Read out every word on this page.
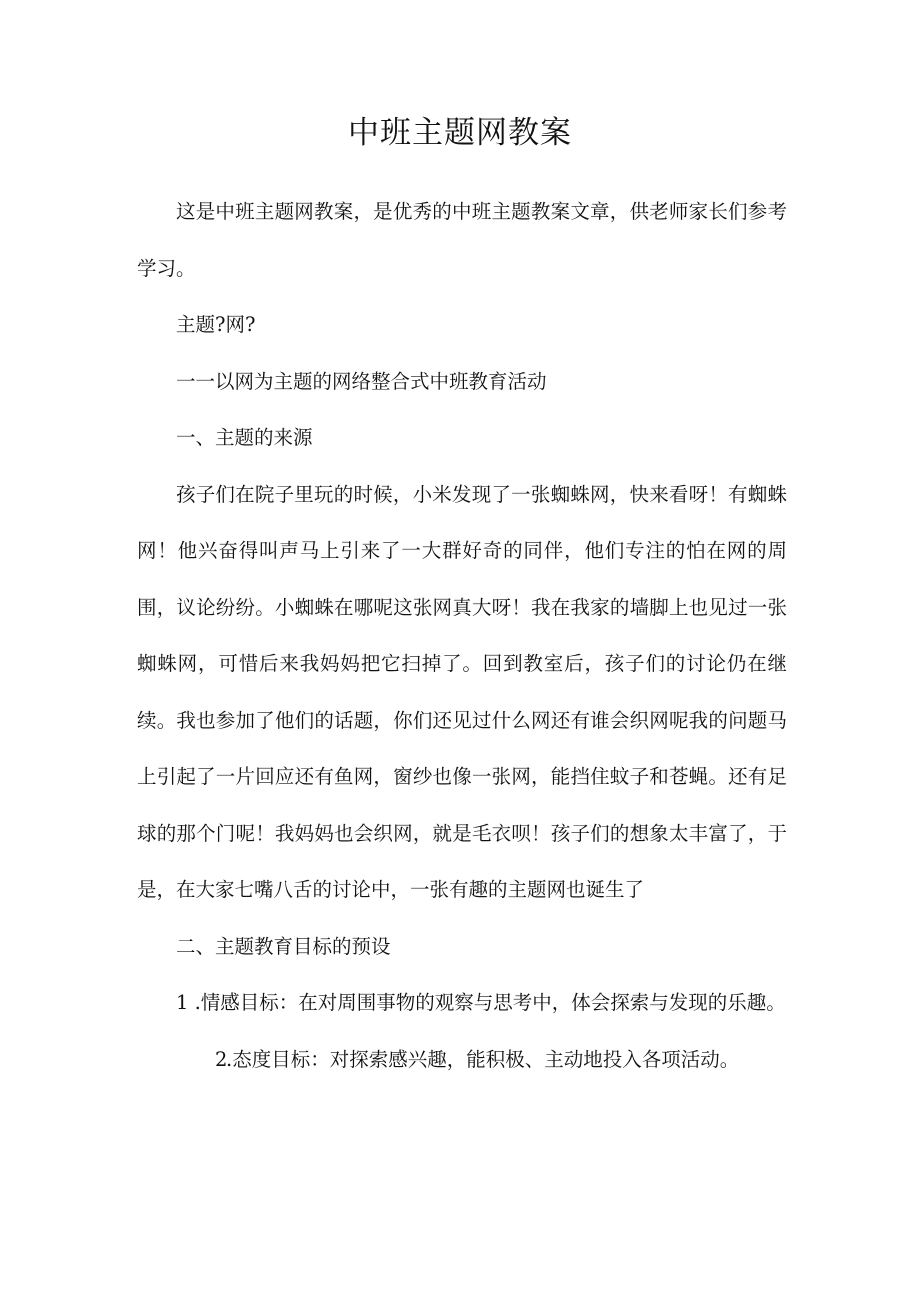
中班主题网教案

这是中班主题网教案，是优秀的中班主题教案文章，供老师家长们参考学习。

主题?网?

一一以网为主题的网络整合式中班教育活动

一、主题的来源

孩子们在院子里玩的时候，小米发现了一张蜘蛛网，快来看呀！有蜘蛛网！他兴奋得叫声马上引来了一大群好奇的同伴，他们专注的怕在网的周围，议论纷纷。小蜘蛛在哪呢这张网真大呀！我在我家的墙脚上也见过一张蜘蛛网，可惜后来我妈妈把它扫掉了。回到教室后，孩子们的讨论仍在继续。我也参加了他们的话题，你们还见过什么网还有谁会织网呢我的问题马上引起了一片回应还有鱼网，窗纱也像一张网，能挡住蚊子和苍蝇。还有足球的那个门呢！我妈妈也会织网，就是毛衣呗！孩子们的想象太丰富了，于是，在大家七嘴八舌的讨论中，一张有趣的主题网也诞生了

二、主题教育目标的预设

1 .情感目标：在对周围事物的观察与思考中，体会探索与发现的乐趣。

2.态度目标：对探索感兴趣，能积极、主动地投入各项活动。
